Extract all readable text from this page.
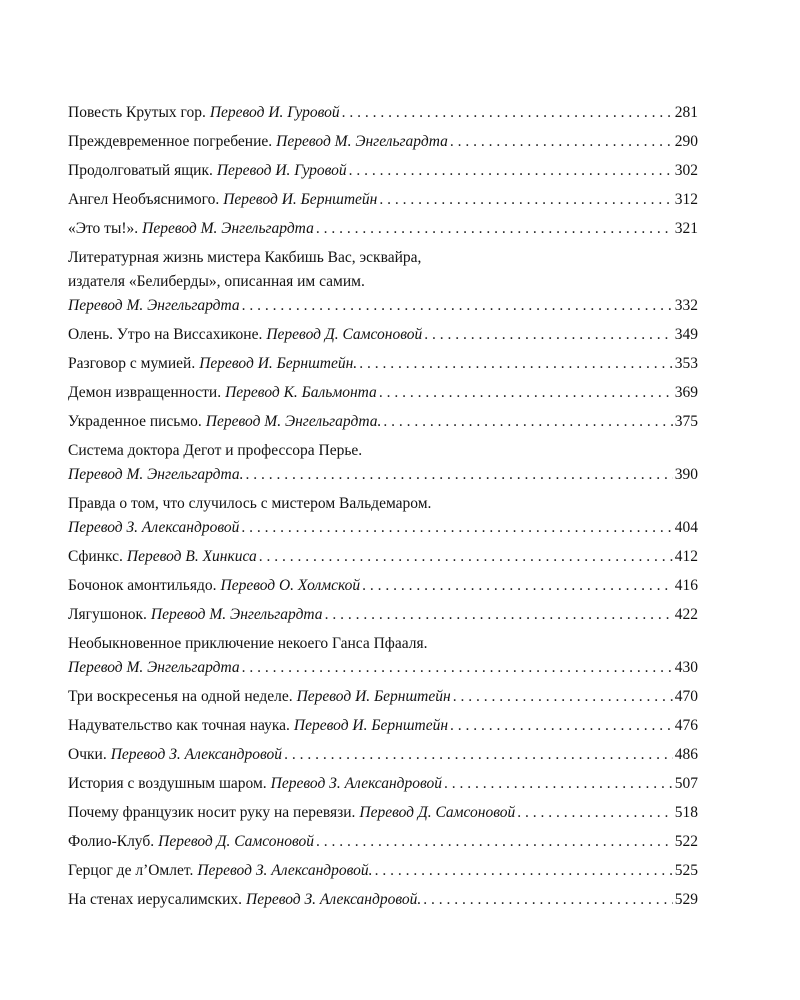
Повесть Крутых гор. Перевод И. Гуровой . . .	281
Преждевременное погребение. Перевод М. Энгельгардта . . .	290
Продолговатый ящик. Перевод И. Гуровой . . .	302
Ангел Необъяснимого. Перевод И. Бернштейн . . .	312
«Это ты!». Перевод М. Энгельгардта . . .	321
Литературная жизнь мистера Какбишь Вас, эсквайра,
издателя «Белиберды», описанная им самим.
Перевод М. Энгельгардта . . .	332
Олень. Утро на Виссахиконе. Перевод Д. Самсоновой . . .	349
Разговор с мумией. Перевод И. Бернштейн. . . .	353
Демон извращенности. Перевод К. Бальмонта . . .	369
Украденное письмо. Перевод М. Энгельгардта. . . .	375
Система доктора Дегот и профессора Перье.
Перевод М. Энгельгардта. . . .	390
Правда о том, что случилось с мистером Вальдемаром.
Перевод З. Александровой . . .	404
Сфинкс. Перевод В. Хинкиса . . .	412
Бочонок амонтильядо. Перевод О. Холмской . . .	416
Лягушонок. Перевод М. Энгельгардта . . .	422
Необыкновенное приключение некоего Ганса Пфааля.
Перевод М. Энгельгардта . . .	430
Три воскресенья на одной неделе. Перевод И. Бернштейн . . .	470
Надувательство как точная наука. Перевод И. Бернштейн . . .	476
Очки. Перевод З. Александровой . . .	486
История с воздушным шаром. Перевод З. Александровой . . .	507
Почему французик носит руку на перевязи. Перевод Д. Самсоновой . . .	518
Фолио-Клуб. Перевод Д. Самсоновой . . .	522
Герцог де л’Омлет. Перевод З. Александровой. . . .	525
На стенах иерусалимских. Перевод З. Александровой. . . .	529
